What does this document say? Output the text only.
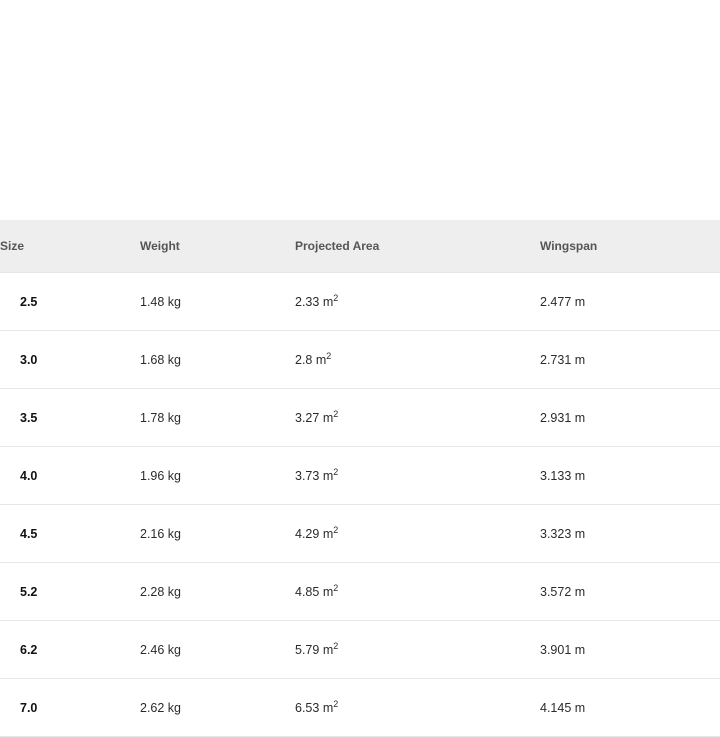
Size	Weight	Projected Area	Wingspan
2.5	1.48 kg	2.33 $m^2$	2.477 m
3.0	1.68 kg	2.8 $m^2$	2.731 m
3.5	1.78 kg	3.27 $m^2$	2.931 m
4.0	1.96 kg	3.73 $m^2$	3.133 m
4.5	2.16 kg	4.29 $m^2$	3.323 m
5.2	2.28 kg	4.85 $m^2$	3.572 m
6.2	2.46 kg	5.79 $m^2$	3.901 m
7.0	2.62 kg	6.53 $m^2$	4.145 m
